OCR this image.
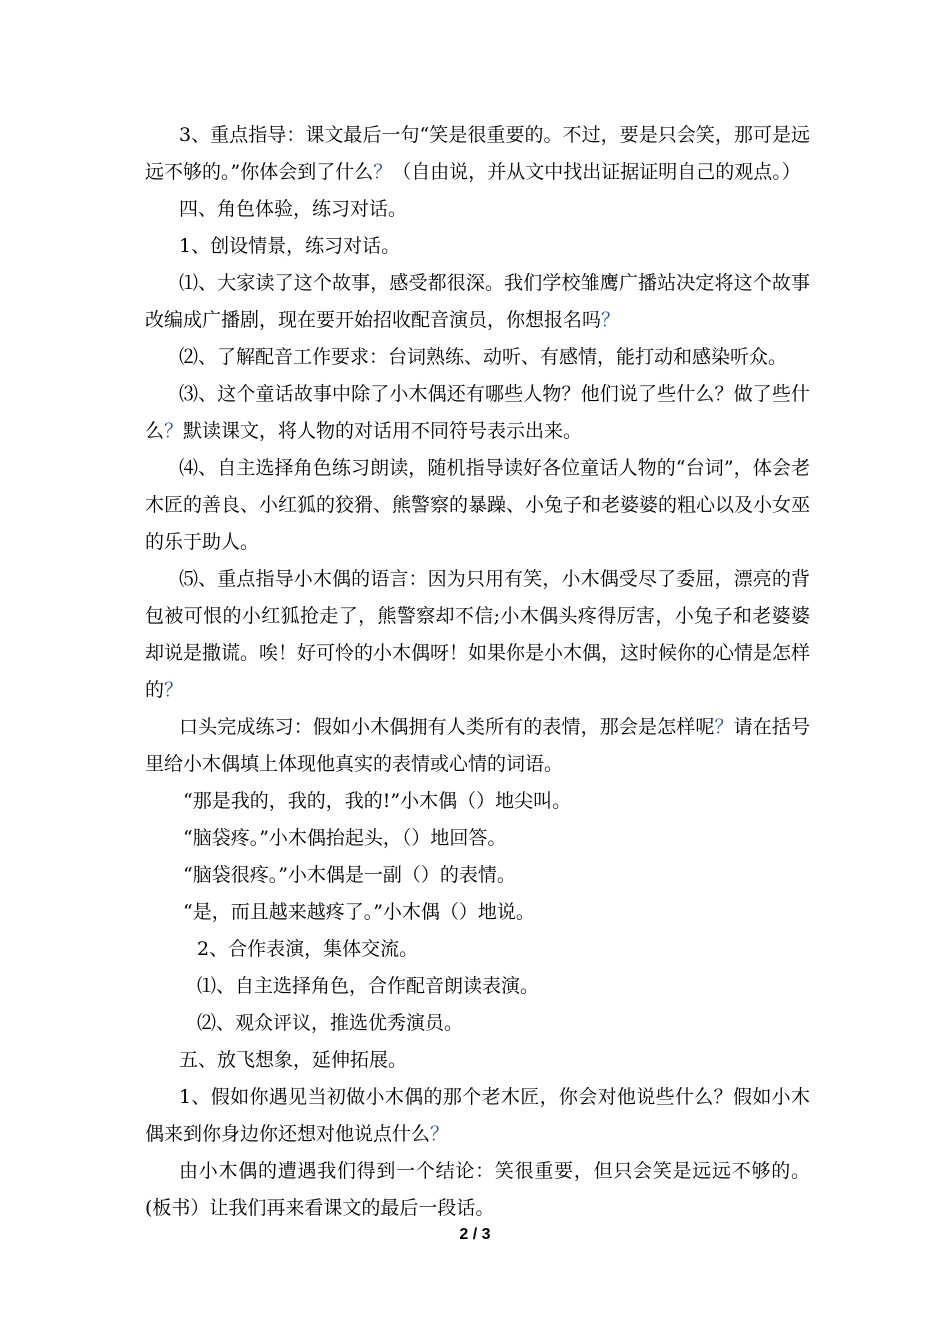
3、重点指导：课文最后一句“笑是很重要的。不过，要是只会笑，那可是远远不够的。”你体会到了什么？（自由说，并从文中找出证据证明自己的观点。）

四、角色体验，练习对话。

1、创设情景，练习对话。

⑴、大家读了这个故事，感受都很深。我们学校雏鹰广播站决定将这个故事改编成广播剧，现在要开始招收配音演员，你想报名吗？

⑵、了解配音工作要求：台词熟练、动听、有感情，能打动和感染听众。

⑶、这个童话故事中除了小木偶还有哪些人物？他们说了些什么？做了些什么？默读课文，将人物的对话用不同符号表示出来。

⑷、自主选择角色练习朗读，随机指导读好各位童话人物的“台词”，体会老木匠的善良、小红狐的狡猾、熊警察的暴躁、小兔子和老婆婆的粗心以及小女巫的乐于助人。

⑸、重点指导小木偶的语言：因为只用有笑，小木偶受尽了委屈，漂亮的背包被可恨的小红狐抢走了，熊警察却不信;小木偶头疼得厉害，小兔子和老婆婆却说是撒谎。唉！好可怜的小木偶呀！如果你是小木偶，这时候你的心情是怎样的？

口头完成练习：假如小木偶拥有人类所有的表情，那会是怎样呢？请在括号里给小木偶填上体现他真实的表情或心情的词语。

“那是我的，我的，我的!”小木偶（）地尖叫。

“脑袋疼。”小木偶抬起头，（）地回答。

“脑袋很疼。”小木偶是一副（）的表情。

“是，而且越来越疼了。”小木偶（）地说。

2、合作表演，集体交流。

⑴、自主选择角色，合作配音朗读表演。

⑵、观众评议，推选优秀演员。

五、放飞想象，延伸拓展。

1、假如你遇见当初做小木偶的那个老木匠，你会对他说些什么？假如小木偶来到你身边你还想对他说点什么？

由小木偶的遭遇我们得到一个结论：笑很重要，但只会笑是远远不够的。(板书）让我们再来看课文的最后一段话。

2 / 3
